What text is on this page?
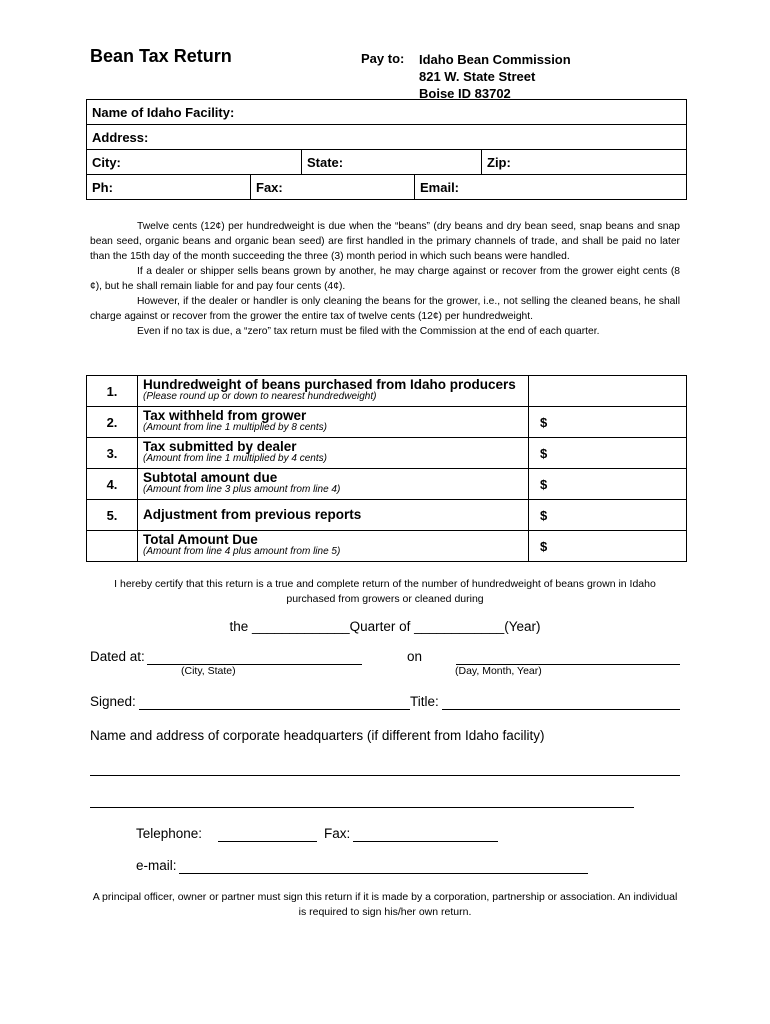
Bean Tax Return	Pay to: Idaho Bean Commission
821 W. State Street
Boise ID 83702
Name of Idaho Facility:
Address:
City:	State:	Zip:
Ph:	Fax:	Email:

Twelve cents (12¢) per hundredweight is due when the “beans” (dry beans and dry bean seed, snap beans and snap bean seed, organic beans and organic bean seed) are first handled in the primary channels of trade, and shall be paid no later than the 15th day of the month succeeding the three (3) month period in which such beans were handled.

If a dealer or shipper sells beans grown by another, he may charge against or recover from the grower eight cents (8 ¢), but he shall remain liable for and pay four cents (4¢).

However, if the dealer or handler is only cleaning the beans for the grower, i.e., not selling the cleaned beans, he shall charge against or recover from the grower the entire tax of twelve cents (12¢) per hundredweight.

Even if no tax is due, a “zero” tax return must be filed with the Commission at the end of each quarter.

1.	Hundredweight of beans purchased from Idaho producers
(Please round up or down to nearest hundredweight)
2.	Tax withheld from grower
(Amount from line 1 multiplied by 8 cents)	$
3.	Tax submitted by dealer
(Amount from line 1 multiplied by 4 cents)	$
4.	Subtotal amount due
(Amount from line 3 plus amount from line 4)	$
5.	Adjustment from previous reports	$
Total Amount Due
(Amount from line 4 plus amount from line 5)	$
I hereby certify that this return is a true and complete return of the number of hundredweight of beans grown in Idaho purchased from growers or cleaned during
the _____________Quarter of ____________(Year)
Dated at:	on
(City, State)	(Day, Month, Year)
Signed:	Title:
Name and address of corporate headquarters (if different from Idaho facility)
Telephone:	Fax:
e-mail:
A principal officer, owner or partner must sign this return if it is made by a corporation, partnership or association. An individual is required to sign his/her own return.
